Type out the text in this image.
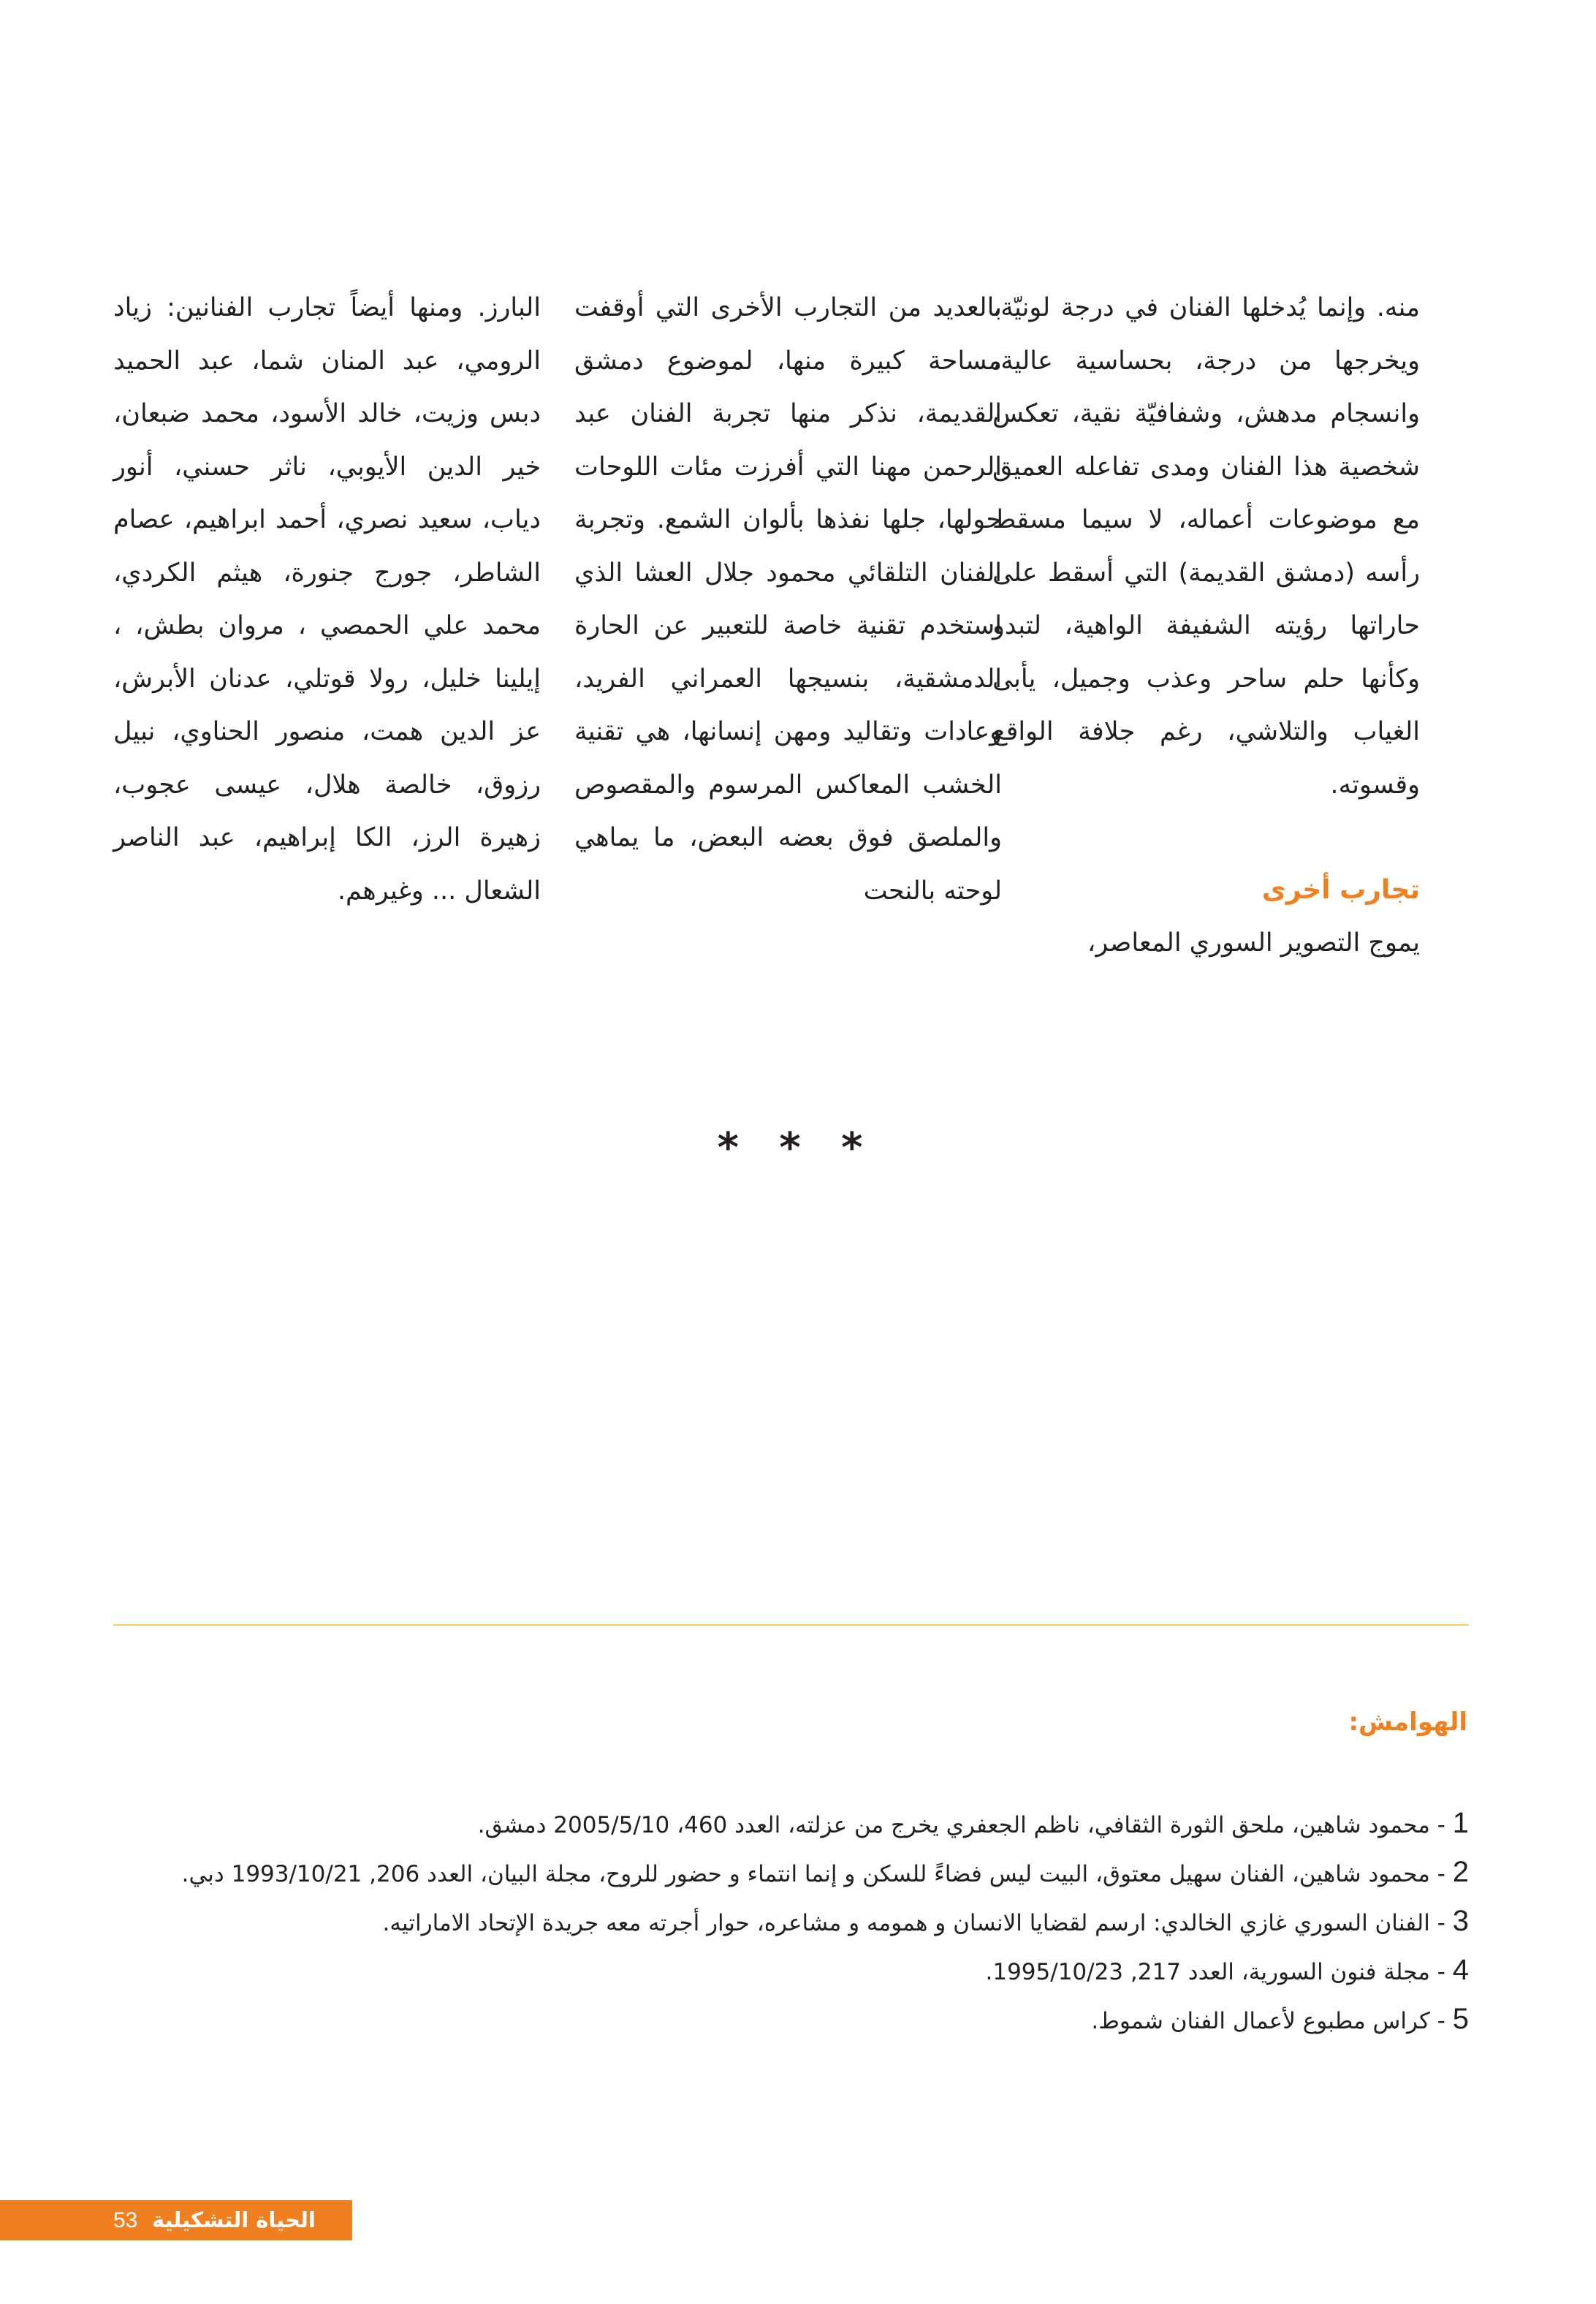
منه. وإنما يُدخلها الفنان في درجة لونيّة، ويخرجها من درجة، بحساسية عالية، وانسجام مدهش، وشفافيّة نقية، تعكس شخصية هذا الفنان ومدى تفاعله العميق مع موضوعات أعماله، لا سيما مسقط رأسه (دمشق القديمة) التي أسقط على حاراتها رؤيته الشفيفة الواهية، لتبدو وكأنها حلم ساحر وعذب وجميل، يأبى الغياب والتلاشي، رغم جلافة الواقع وقسوته.

تجارب أخرى

يموج التصوير السوري المعاصر،

بالعديد من التجارب الأخرى التي أوقفت مساحة كبيرة منها، لموضوع دمشق القديمة، نذكر منها تجربة الفنان عبد الرحمن مهنا التي أفرزت مئات اللوحات حولها، جلها نفذها بألوان الشمع. وتجربة الفنان التلقائي محمود جلال العشا الذي استخدم تقنية خاصة للتعبير عن الحارة الدمشقية، بنسيجها العمراني الفريد، وعادات وتقاليد ومهن إنسانها، هي تقنية الخشب المعاكس المرسوم والمقصوص والملصق فوق بعضه البعض، ما يماهي لوحته بالنحت

البارز. ومنها أيضاً تجارب الفنانين: زياد الرومي، عبد المنان شما، عبد الحميد دبس وزيت، خالد الأسود، محمد ضبعان، خير الدين الأيوبي، ناثر حسني، أنور دياب، سعيد نصري، أحمد ابراهيم، عصام الشاطر، جورج جنورة، هيثم الكردي، محمد علي الحمصي ، مروان بطش، ، إيلينا خليل، رولا قوتلي، عدنان الأبرش، عز الدين همت، منصور الحناوي، نبيل رزوق، خالصة هلال، عيسى عجوب، زهيرة الرز، الكا إبراهيم، عبد الناصر الشعال ... وغيرهم.

* * *
الهوامش:

1 - محمود شاهين، ملحق الثورة الثقافي، ناظم الجعفري يخرج من عزلته، العدد 460، 2005/5/10 دمشق.

2 - محمود شاهين، الفنان سهيل معتوق، البيت ليس فضاءً للسكن و إنما انتماء و حضور للروح، مجلة البيان، العدد 206, 1993/10/21 دبي.

3 - الفنان السوري غازي الخالدي: ارسم لقضايا الانسان و همومه و مشاعره، حوار أجرته معه جريدة الإتحاد الاماراتيه.

4 - مجلة فنون السورية، العدد 217, 1995/10/23.

5 - كراس مطبوع لأعمال الفنان شموط.

الحياة التشكيلية
53
